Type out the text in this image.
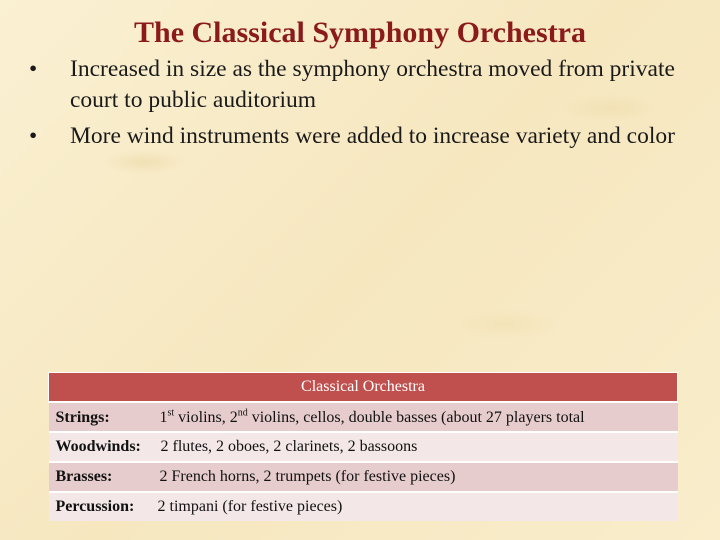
The Classical Symphony Orchestra
• Increased in size as the symphony orchestra moved from private court to public auditorium
• More wind instruments were added to increase variety and color
Classical Orchestra
Strings:	1st violins, 2nd violins, cellos, double basses (about 27 players total
Woodwinds: 2 flutes, 2 oboes, 2 clarinets, 2 bassoons
Brasses:	2 French horns, 2 trumpets (for festive pieces)
Percussion: 2 timpani (for festive pieces)
